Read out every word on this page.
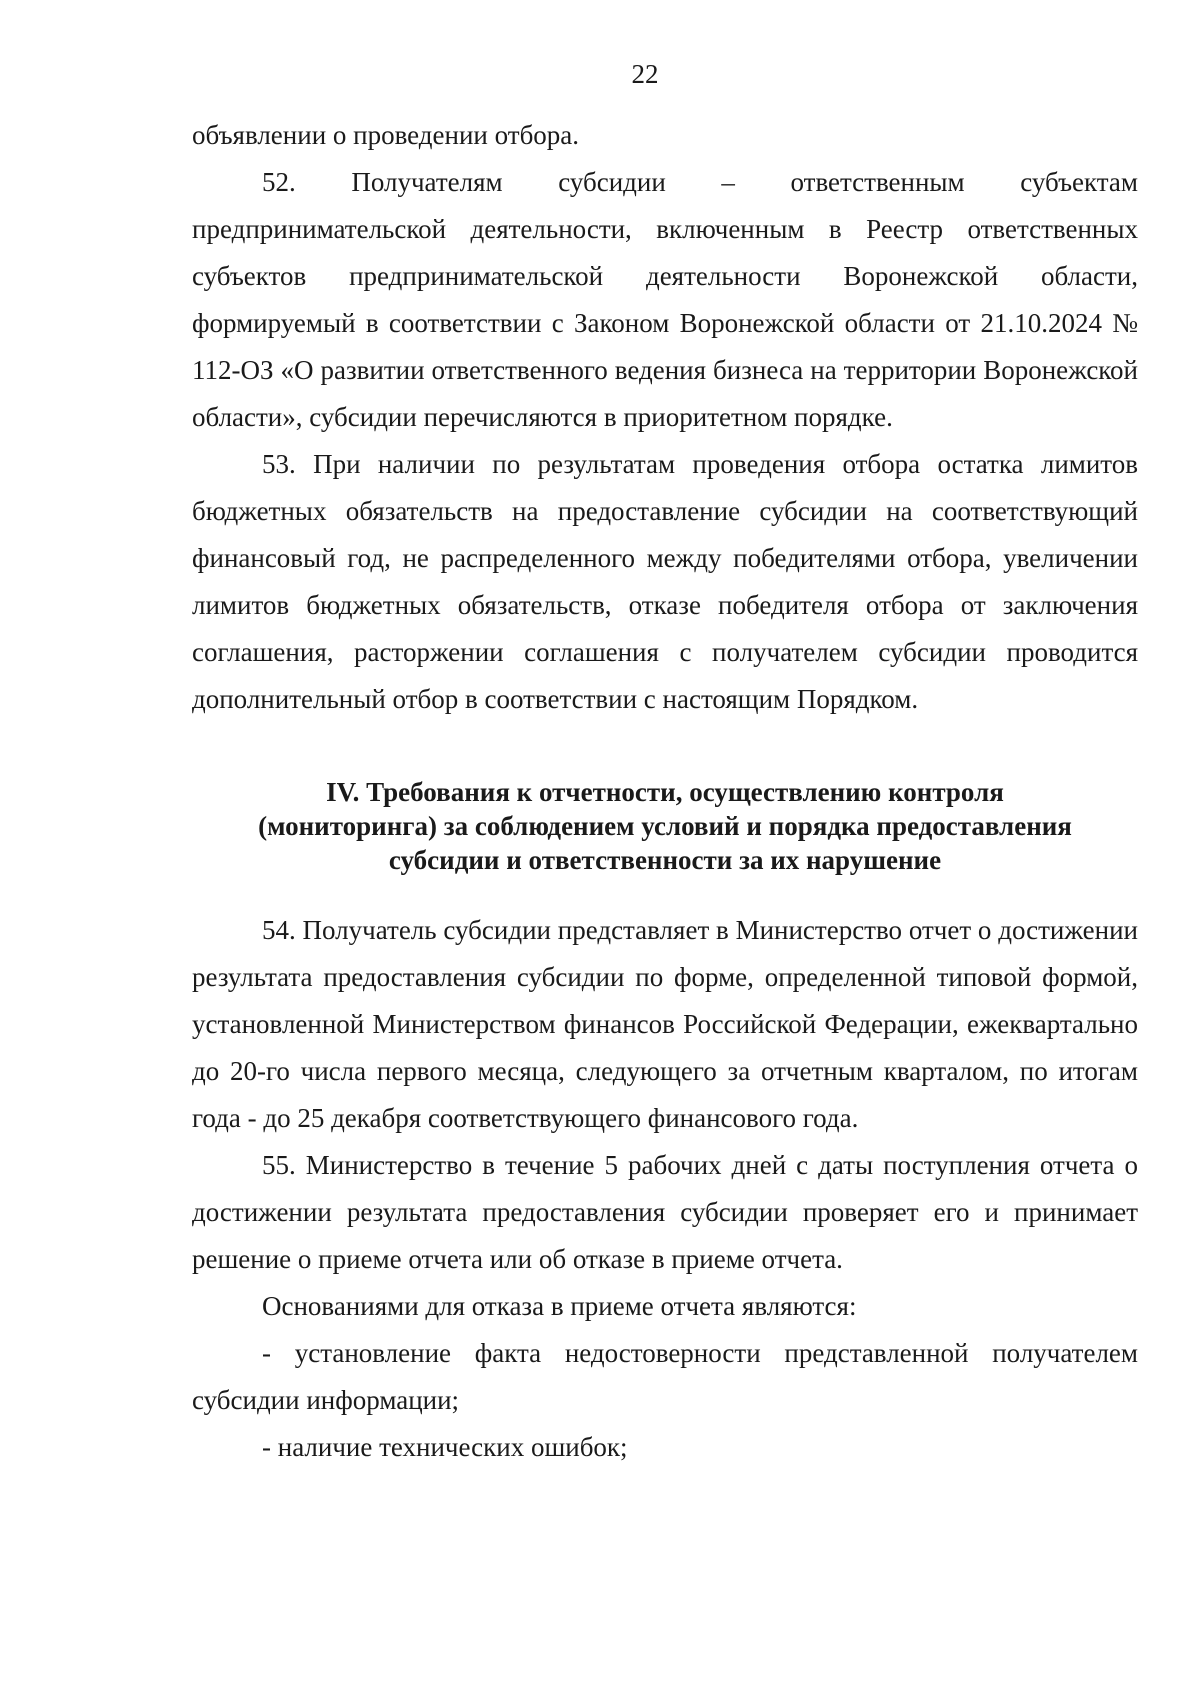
22

объявлении о проведении отбора.

52. Получателям субсидии – ответственным субъектам предпринимательской деятельности, включенным в Реестр ответственных субъектов предпринимательской деятельности Воронежской области, формируемый в соответствии с Законом Воронежской области от 21.10.2024 № 112-ОЗ «О развитии ответственного ведения бизнеса на территории Воронежской области», субсидии перечисляются в приоритетном порядке.

53. При наличии по результатам проведения отбора остатка лимитов бюджетных обязательств на предоставление субсидии на соответствующий финансовый год, не распределенного между победителями отбора, увеличении лимитов бюджетных обязательств, отказе победителя отбора от заключения соглашения, расторжении соглашения с получателем субсидии проводится дополнительный отбор в соответствии с настоящим Порядком.

IV. Требования к отчетности, осуществлению контроля
(мониторинга) за соблюдением условий и порядка предоставления
субсидии и ответственности за их нарушение

54. Получатель субсидии представляет в Министерство отчет о достижении результата предоставления субсидии по форме, определенной типовой формой, установленной Министерством финансов Российской Федерации, ежеквартально до 20-го числа первого месяца, следующего за отчетным кварталом, по итогам года - до 25 декабря соответствующего финансового года.

55. Министерство в течение 5 рабочих дней с даты поступления отчета о достижении результата предоставления субсидии проверяет его и принимает решение о приеме отчета или об отказе в приеме отчета.

Основаниями для отказа в приеме отчета являются:

- установление факта недостоверности представленной получателем субсидии информации;

- наличие технических ошибок;
